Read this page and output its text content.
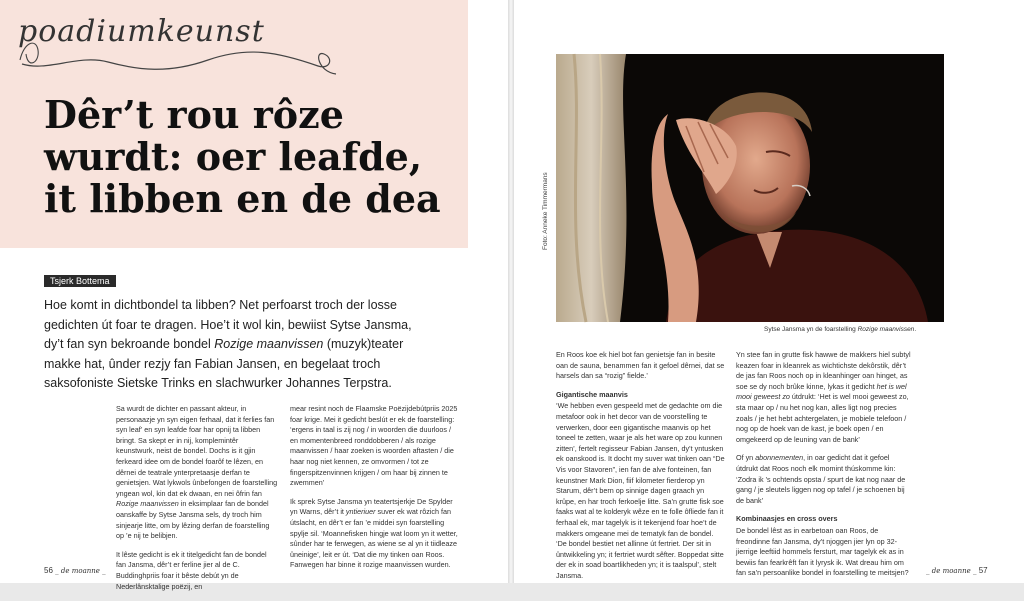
poadiumkeunst
Dêr’t rou rôze
wurdt: oer leafde,
it libben en de dea
Tsjerk Bottema

Hoe komt in dichtbondel ta libben? Net perfoarst troch der losse gedichten út foar te dragen. Hoe’t it wol kin, bewiist Sytse Jansma, dy’t fan syn bekroande bondel Rozige maanvissen (muzyk)teater makke hat, ûnder rezjy fan Fabian Jansen, en begelaat troch saksofoniste Sietske Trinks en slachwurker Johannes Terpstra.

Sa wurdt de dichter en passant akteur, in personaazje yn syn eigen ferhaal, dat it ferlies fan syn leaf’ en syn leafde foar har opnij ta libben bringt. Sa skept er in nij, komplemintêr keunstwurk, neist de bondel. Dochs is it gjin ferkeard idee om de bondel foarôf te lêzen, en dêrnei de teatrale ynterpretaasje derfan te genietsjen. Wat lykwols ûnbefongen de foarstelling yngean wol, kin dat ek dwaan, en nei ôfrin fan Rozige maanvissen in eksimplaar fan de bondel oanskaffe by Sytse Jansma sels, dy troch him sinjearje litte, om by lêzing derfan de foarstelling op ’e nij te belibjen.

It lêste gedicht is ek it titelgedicht fan de bondel fan Jansma, dêr’t er ferline jier al de C. Buddinghpriis foar it bêste debút yn de Nederlânsktalige poëzij, en

mear resint noch de Flaamske Poëzijdebútpriis 2025 foar krige. Mei it gedicht beslút er ek de foarstelling: ‘ergens in taal is zij nog / in woorden die duurloos / en momentenbreed ronddobberen / als rozige maanvissen / haar zoeken is woorden aftasten / die haar nog niet kennen, ze omvormen / tot ze fingerspitzenvinnen krijgen / om haar bij zinnen te zwemmen’

Ik sprek Sytse Jansma yn teatertsjerkje De Spylder yn Warns, dêr’t it yntieriuer suver ek wat rôzich fan útslacht, en dêr’t er fan ’e middei syn foarstelling spylje sil. ‘Moannefisken hingje wat loom yn it wetter, sûnder har te ferwegen, as wiene se al yn it tiidleaze ûneinige’, leit er út. ‘Dat die my tinken oan Roos. Fanwegen har binne it rozige maanvissen wurden.

56 _ de moanne _
Foto: Anneke Timmermans
Sytse Jansma yn de foarstelling Rozige maanvissen.

En Roos koe ek hiel bot fan genietsje fan in besite oan de sauna, benammen fan it gefoel dêrnei, dat se harsels dan sa “rozig” fielde.’

Gigantische maanvis

‘We hebben even gespeeld met de gedachte om die metafoor ook in het decor van de voorstelling te verwerken, door een gigantische maanvis op het toneel te zetten, waar je als het ware op zou kunnen zitten’, fertelt regisseur Fabian Jansen, dy’t yntusken ek oanskood is. It docht my suver wat tinken oan “De Vis voor Stavoren”, ien fan de alve fonteinen, fan keunstner Mark Dion, fiif kilometer fierderop yn Starum, dêr’t bern op sinnige dagen graach yn krûpe, en har troch ferkoelje litte. Sa’n grutte fisk soe faaks wat al te kolderyk wêze en te folle ôfliede fan it ferhaal ek, mar tagelyk is it tekenjend foar hoe’t de makkers omgeane mei de tematyk fan de bondel. ‘De bondel bestiet net allinne út fertriet. Der sit in ûntwikkeling yn; it fertriet wurdt sêfter. Boppedat sitte der ek in soad boartlikheden yn; it is taalspul’, stelt Jansma.

Yn stee fan in grutte fisk hawwe de makkers hiel subtyl keazen foar in kleanrek as wichtichste dekôrstik, dêr’t de jas fan Roos noch op in kleanhinger oan hinget, as soe se dy noch brûke kinne, lykas it gedicht het is wel mooi geweest zo útdrukt: ‘Het is wel mooi geweest zo, sta maar op / nu het nog kan, alles ligt nog precies zoals / je het hebt achtergelaten, je mobiele telefoon / nog op de hoek van de kast, je boek open / en omgekeerd op de leuning van de bank’

Of yn abonnementen, in oar gedicht dat it gefoel útdrukt dat Roos noch elk momint thúskomme kin: ‘Zodra ik ’s ochtends opsta / spurt de kat nog naar de gang / je sleutels liggen nog op tafel / je schoenen bij de bank’

Kombinaasjes en cross overs

De bondel lêst as in earbetoan oan Roos, de freondinne fan Jansma, dy’t njoggen jier lyn op 32-jierrige leeftiid hommels fersturt, mar tagelyk ek as in bewiis fan fearkrêft fan it lyrysk ik. Wat dreau him om fan sa’n persoanlike bondel in foarstelling te meitsjen?	_ de moanne _ 57
